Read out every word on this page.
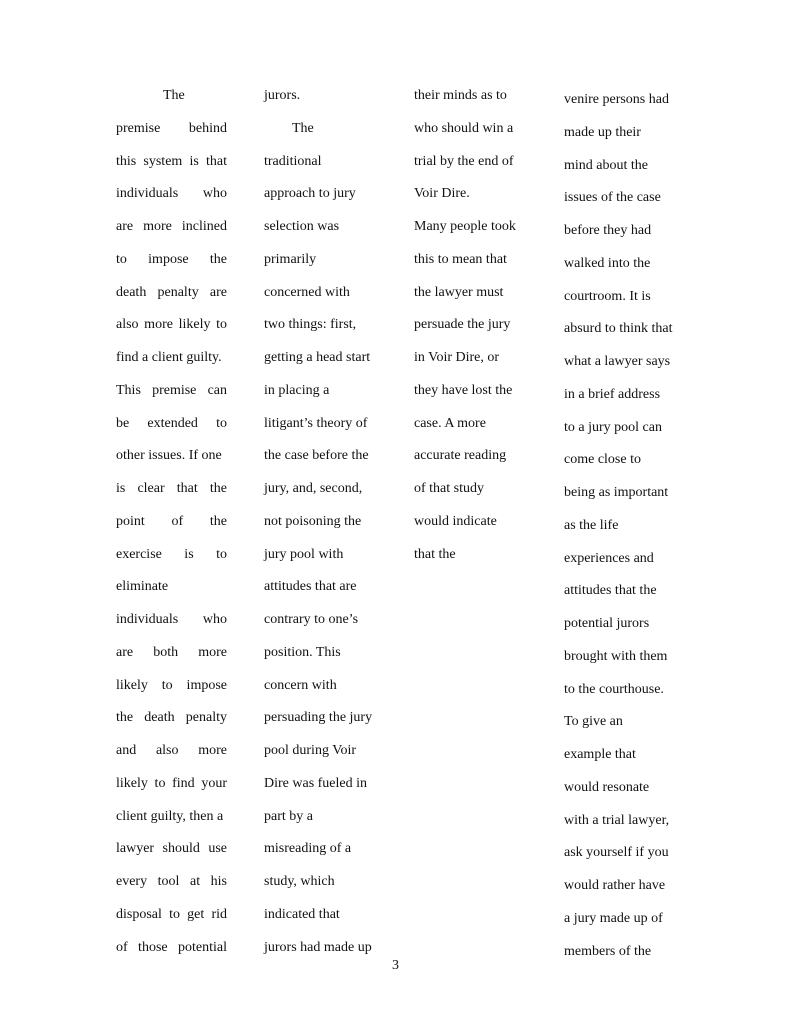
The
premise behind
this system is that
individuals who
are more inclined
to impose the
death penalty are
also more likely to
find a client guilty.
This premise can
be extended to
other issues. If one
is clear that the
point of the
exercise is to
eliminate
individuals who
are both more
likely to impose
the death penalty
and also more
likely to find your
client guilty, then a
lawyer should use
every tool at his
disposal to get rid
of those potential
jurors.
The
traditional
approach to jury
selection was
primarily
concerned with
two things: first,
getting a head start
in placing a
litigant’s theory of
the case before the
jury, and, second,
not poisoning the
jury pool with
attitudes that are
contrary to one’s
position. This
concern with
persuading the jury
pool during Voir
Dire was fueled in
part by a
misreading of a
study, which
indicated that
jurors had made up
their minds as to
who should win a
trial by the end of
Voir Dire.
Many people took
this to mean that
the lawyer must
persuade the jury
in Voir Dire, or
they have lost the
case. A more
accurate reading
of that study
would indicate
that the
venire persons had
made up their
mind about the
issues of the case
before they had
walked into the
courtroom. It is
absurd to think that
what a lawyer says
in a brief address
to a jury pool can
come close to
being as important
as the life
experiences and
attitudes that the
potential jurors
brought with them
to the courthouse.
To give an
example that
would resonate
with a trial lawyer,
ask yourself if you
would rather have
a jury made up of
members of the
3
